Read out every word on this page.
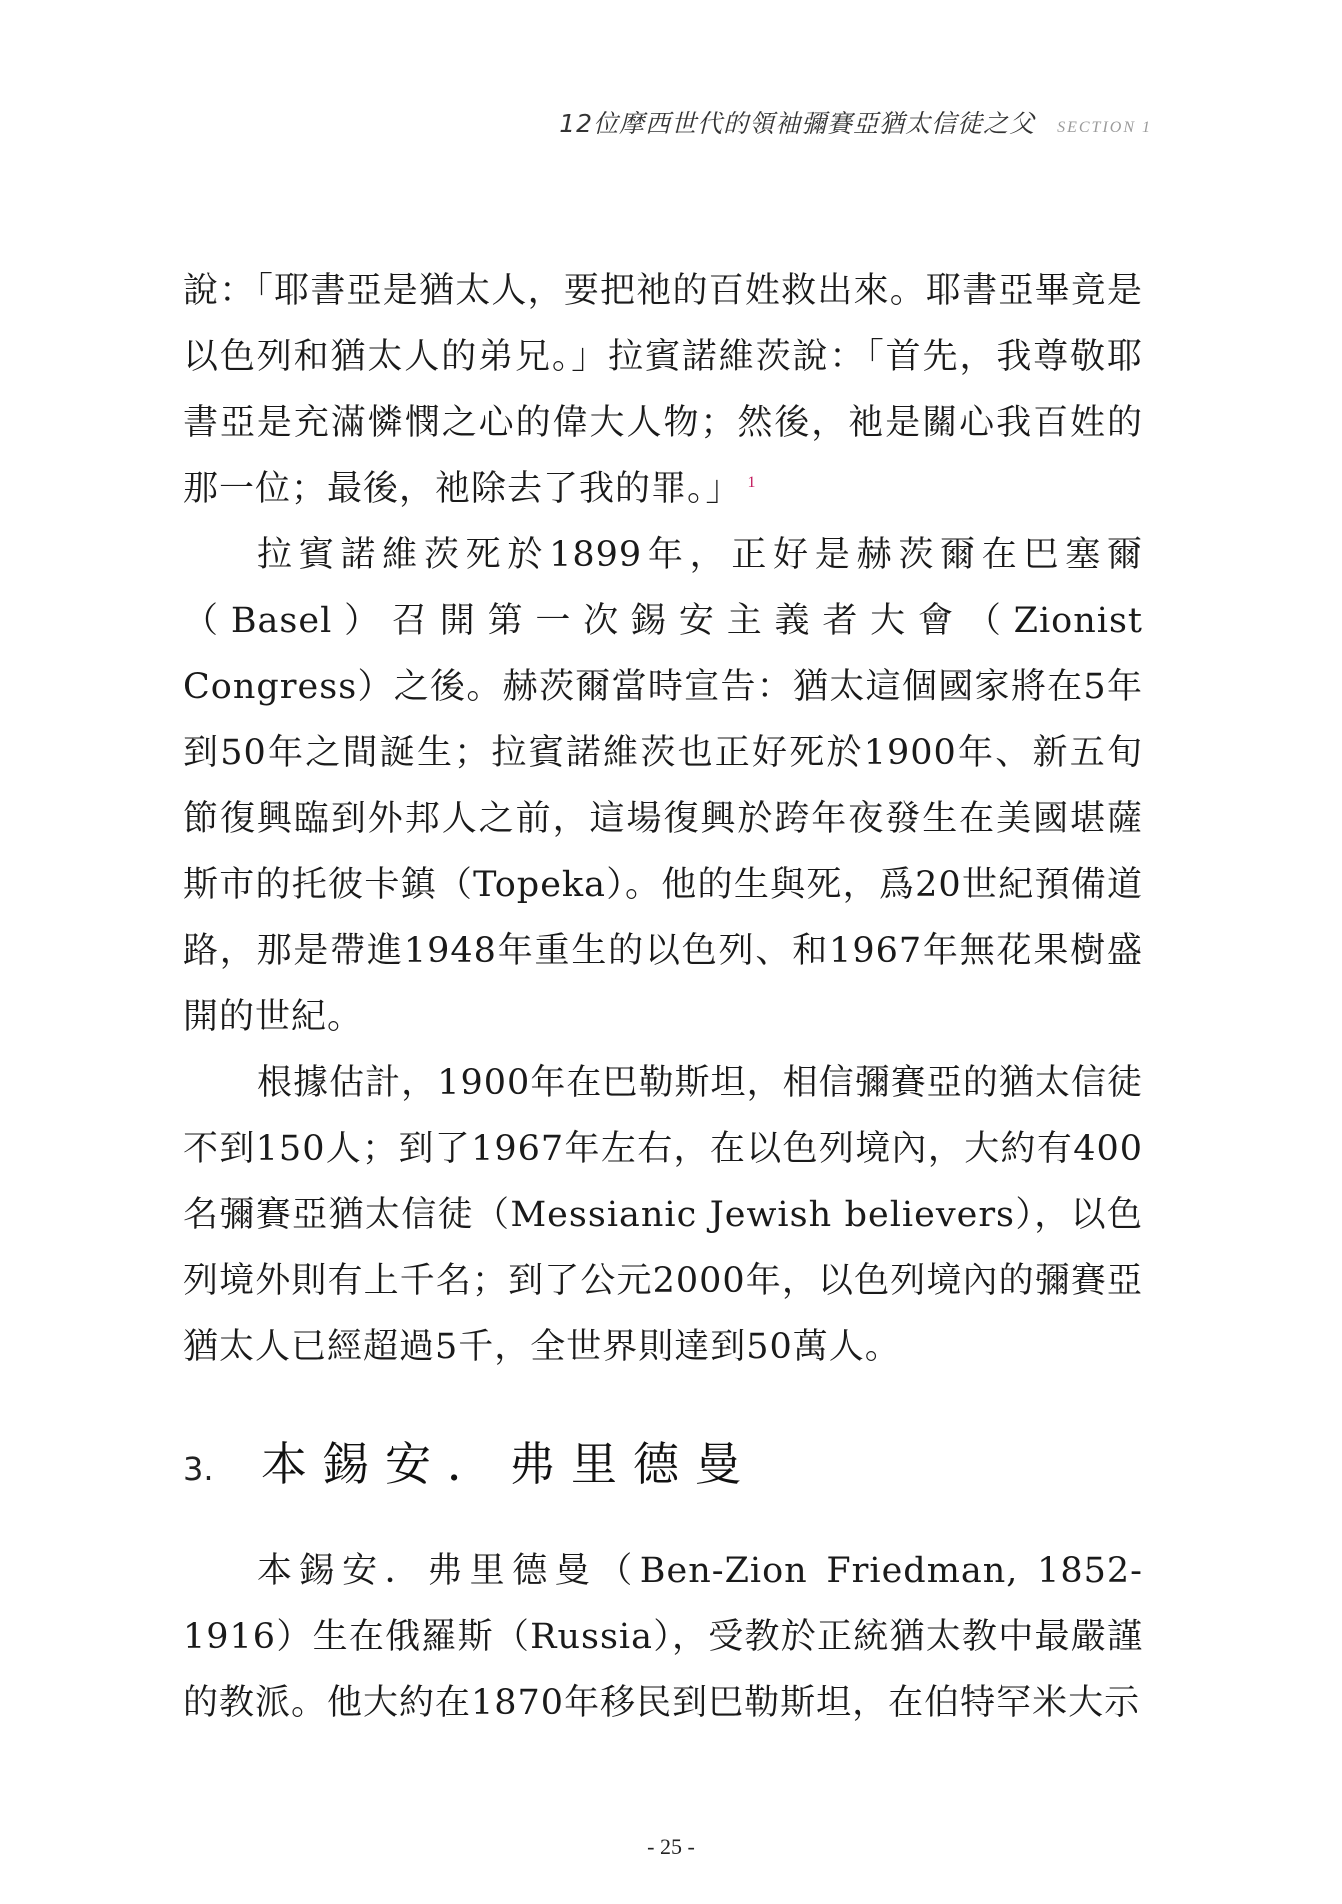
12位摩西世代的領袖彌賽亞猶太信徒之父 SECTION 1

說：「耶書亞是猶太人，要把祂的百姓救出來。耶書亞畢竟是以色列和猶太人的弟兄。」拉賓諾維茨說：「首先，我尊敬耶書亞是充滿憐憫之心的偉大人物；然後，祂是關心我百姓的那一位；最後，祂除去了我的罪。」 $^1$

拉賓諾維茨死於1899年，正好是赫茨爾在巴塞爾（Basel）召開第一次錫安主義者大會（Zionist Congress）之後。赫茨爾當時宣告：猶太這個國家將在5年到50年之間誕生；拉賓諾維茨也正好死於1900年、新五旬節復興臨到外邦人之前，這場復興於跨年夜發生在美國堪薩斯市的托彼卡鎮（Topeka）。他的生與死，爲20世紀預備道路，那是帶進1948年重生的以色列、和1967年無花果樹盛開的世紀。

根據估計，1900年在巴勒斯坦，相信彌賽亞的猶太信徒不到150人；到了1967年左右，在以色列境內，大約有400名彌賽亞猶太信徒（Messianic Jewish believers），以色列境外則有上千名；到了公元2000年，以色列境內的彌賽亞猶太人已經超過5千，全世界則達到50萬人。

3.	本錫安．弗里德曼

本錫安．弗里德曼（Ben-Zion Friedman, 1852-1916）生在俄羅斯（Russia），受教於正統猶太教中最嚴謹的教派。他大約在1870年移民到巴勒斯坦，在伯特罕米大示

- 25 -
